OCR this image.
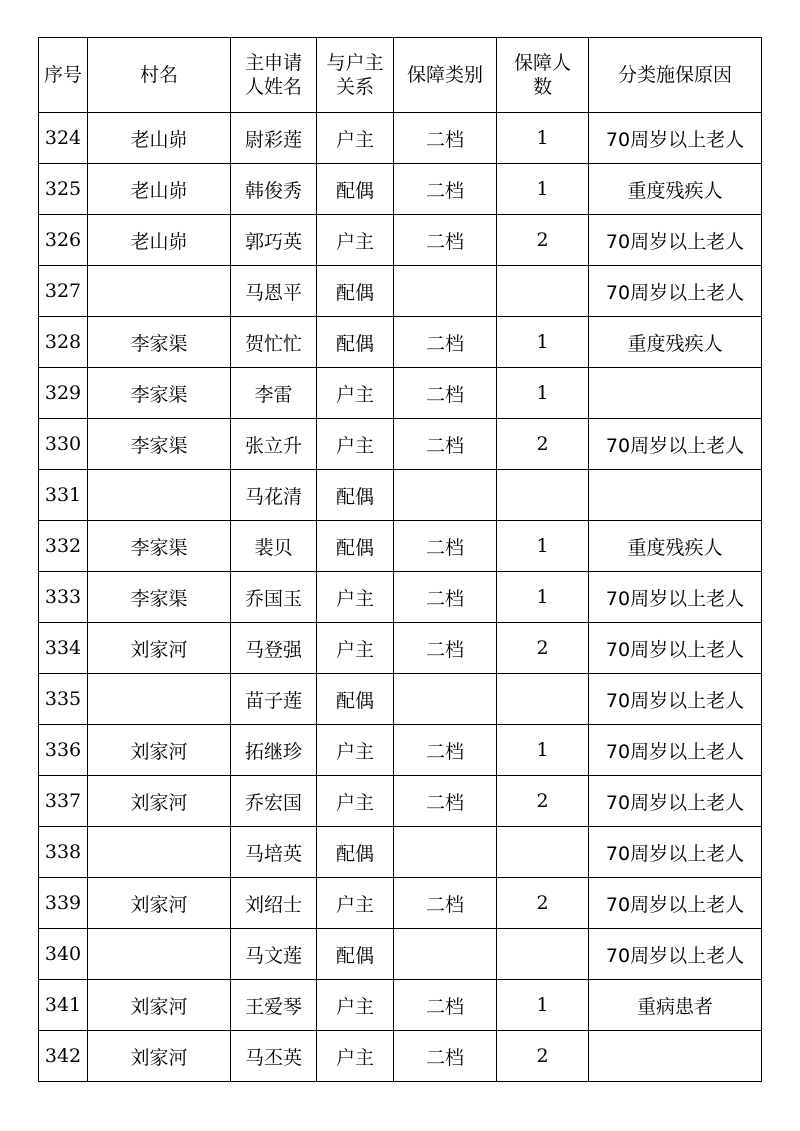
序号	村名	主申请人姓名	与户主关系	保障类别	保障人数	分类施保原因
324	老山峁	尉彩莲	户主	二档	1	70周岁以上老人
325	老山峁	韩俊秀	配偶	二档	1	重度残疾人
326	老山峁	郭巧英	户主	二档	2	70周岁以上老人
327		马恩平	配偶			70周岁以上老人
328	李家渠	贺忙忙	配偶	二档	1	重度残疾人
329	李家渠	李雷	户主	二档	1	
330	李家渠	张立升	户主	二档	2	70周岁以上老人
331		马花清	配偶			
332	李家渠	裴贝	配偶	二档	1	重度残疾人
333	李家渠	乔国玉	户主	二档	1	70周岁以上老人
334	刘家河	马登强	户主	二档	2	70周岁以上老人
335		苗子莲	配偶			70周岁以上老人
336	刘家河	拓继珍	户主	二档	1	70周岁以上老人
337	刘家河	乔宏国	户主	二档	2	70周岁以上老人
338		马培英	配偶			70周岁以上老人
339	刘家河	刘绍士	户主	二档	2	70周岁以上老人
340		马文莲	配偶			70周岁以上老人
341	刘家河	王爱琴	户主	二档	1	重病患者
342	刘家河	马丕英	户主	二档	2	
